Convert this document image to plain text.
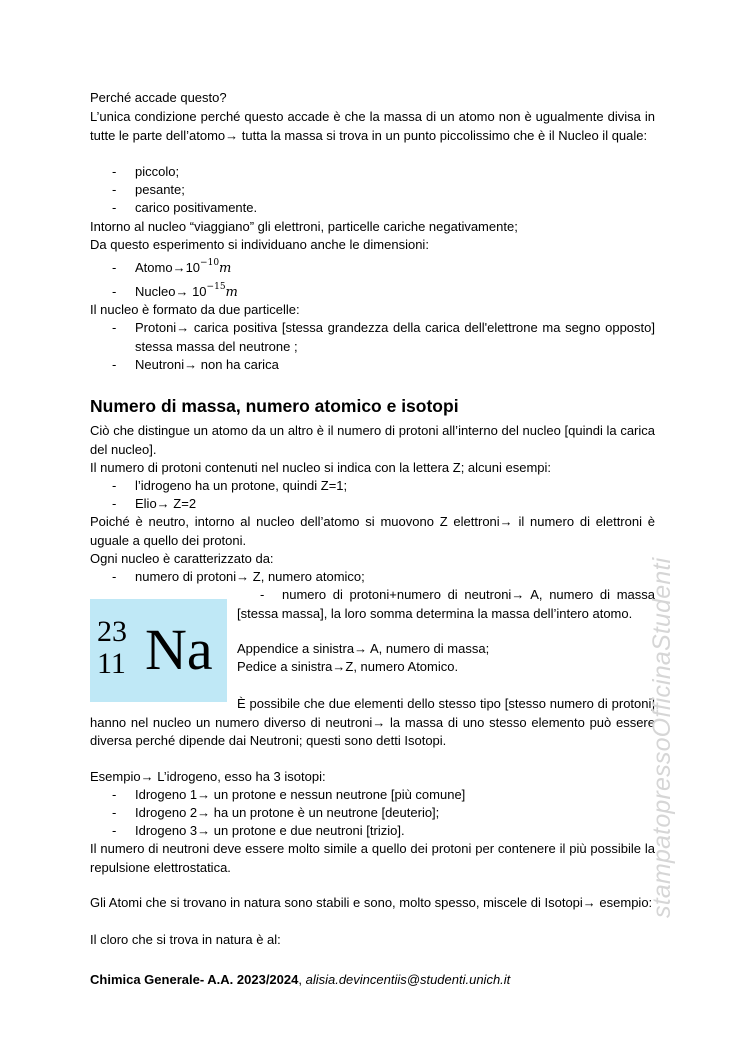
Perché accade questo?

L’unica condizione perché questo accade è che la massa di un atomo non è ugualmente divisa in tutte le parte dell’atomo→ tutta la massa si trova in un punto piccolissimo che è il Nucleo il quale:

- piccolo;
- pesante;
- carico positivamente.

Intorno al nucleo “viaggiano” gli elettroni, particelle cariche negativamente;

Da questo esperimento si individuano anche le dimensioni:

- $Atomo\to 10^{-10}m$
- Nucleo→ $10^{-15}m$

Il nucleo è formato da due particelle:

- Protoni→ carica positiva [stessa grandezza della carica dell'elettrone ma segno opposto] stessa massa del neutrone ;

- Neutroni→ non ha carica
Numero di massa, numero atomico e isotopi

Ciò che distingue un atomo da un altro è il numero di protoni all’interno del nucleo [quindi la carica del nucleo].

Il numero di protoni contenuti nel nucleo si indica con la lettera Z; alcuni esempi:

- l’idrogeno ha un protone, quindi Z=1;
- Elio→ Z=2

Poiché è neutro, intorno al nucleo dell’atomo si muovono Z elettroni→ il numero di elettroni è uguale a quello dei protoni.

Ogni nucleo è caratterizzato da:

- numero di protoni→ Z, numero atomico;
23
11 Na
-	numero di protoni+numero di neutroni→ A, numero di massa [stessa massa], la loro somma determina la massa dell’intero atomo.

Appendice a sinistra→ A, numero di massa;

Pedice a sinistra→Z, numero Atomico.

È possibile che due elementi dello stesso tipo [stesso numero di protoni] hanno nel nucleo un numero diverso di neutroni→ la massa di uno stesso elemento può essere diversa perché dipende dai Neutroni; questi sono detti Isotopi.

Esempio→ L’idrogeno, esso ha 3 isotopi:

- Idrogeno 1→ un protone e nessun neutrone [più comune]
- Idrogeno 2→ ha un protone è un neutrone [deuterio];
- Idrogeno 3→ un protone e due neutroni [trizio].

Il numero di neutroni deve essere molto simile a quello dei protoni per contenere il più possibile la repulsione elettrostatica.

Gli Atomi che si trovano in natura sono stabili e sono, molto spesso, miscele di Isotopi→ esempio:

Il cloro che si trova in natura è al:

stampatopressoOfficinaStudenti
Chimica Generale- A.A. 2023/2024, alisia.devincentiis@studenti.unich.it
